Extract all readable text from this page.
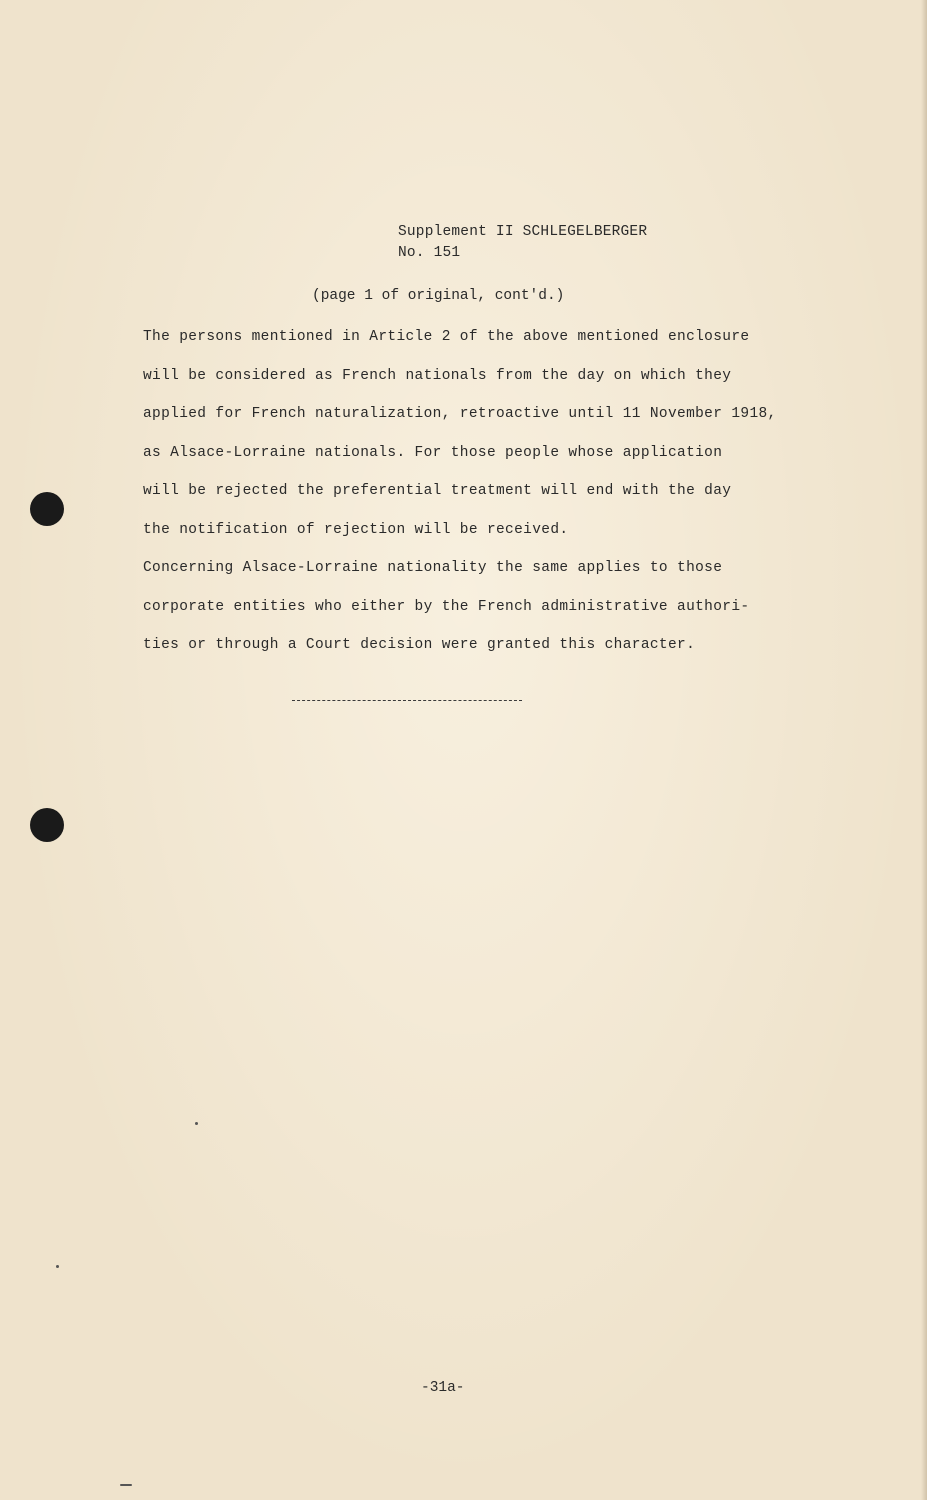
Supplement II SCHLEGELBERGER
No. 151
(page 1 of original, cont'd.)
The persons mentioned in Article 2 of the above mentioned enclosure
will be considered as French nationals from the day on which they
applied for French naturalization, retroactive until 11 November 1918,
as Alsace-Lorraine nationals. For those people whose application
will be rejected the preferential treatment will end with the day
the notification of rejection will be received.
Concerning Alsace-Lorraine nationality the same applies to those
corporate entities who either by the French administrative authori-
ties or through a Court decision were granted this character.
-31a-
